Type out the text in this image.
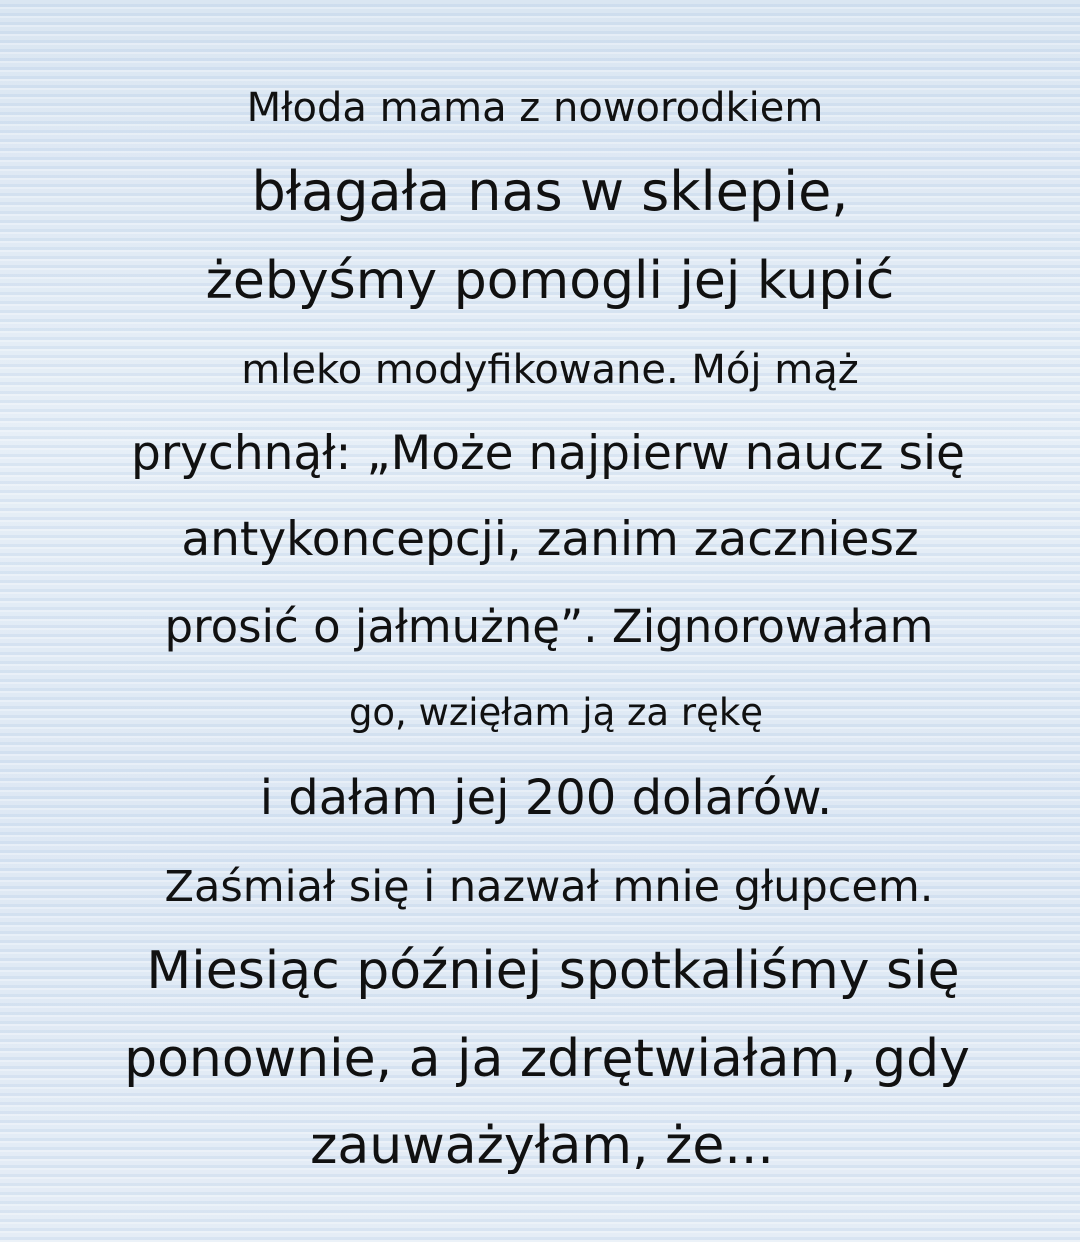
Młoda mama z noworodkiem
błagała nas w sklepie,
żebyśmy pomogli jej kupić
mleko modyfikowane. Mój mąż
prychnął: „Może najpierw naucz się
antykoncepcji, zanim zaczniesz
prosić o jałmużnę”. Zignorowałam
go, wzięłam ją za rękę
i dałam jej 200 dolarów.
Zaśmiał się i nazwał mnie głupcem.
Miesiąc później spotkaliśmy się
ponownie, a ja zdrętwiałam, gdy
zauważyłam, że...
